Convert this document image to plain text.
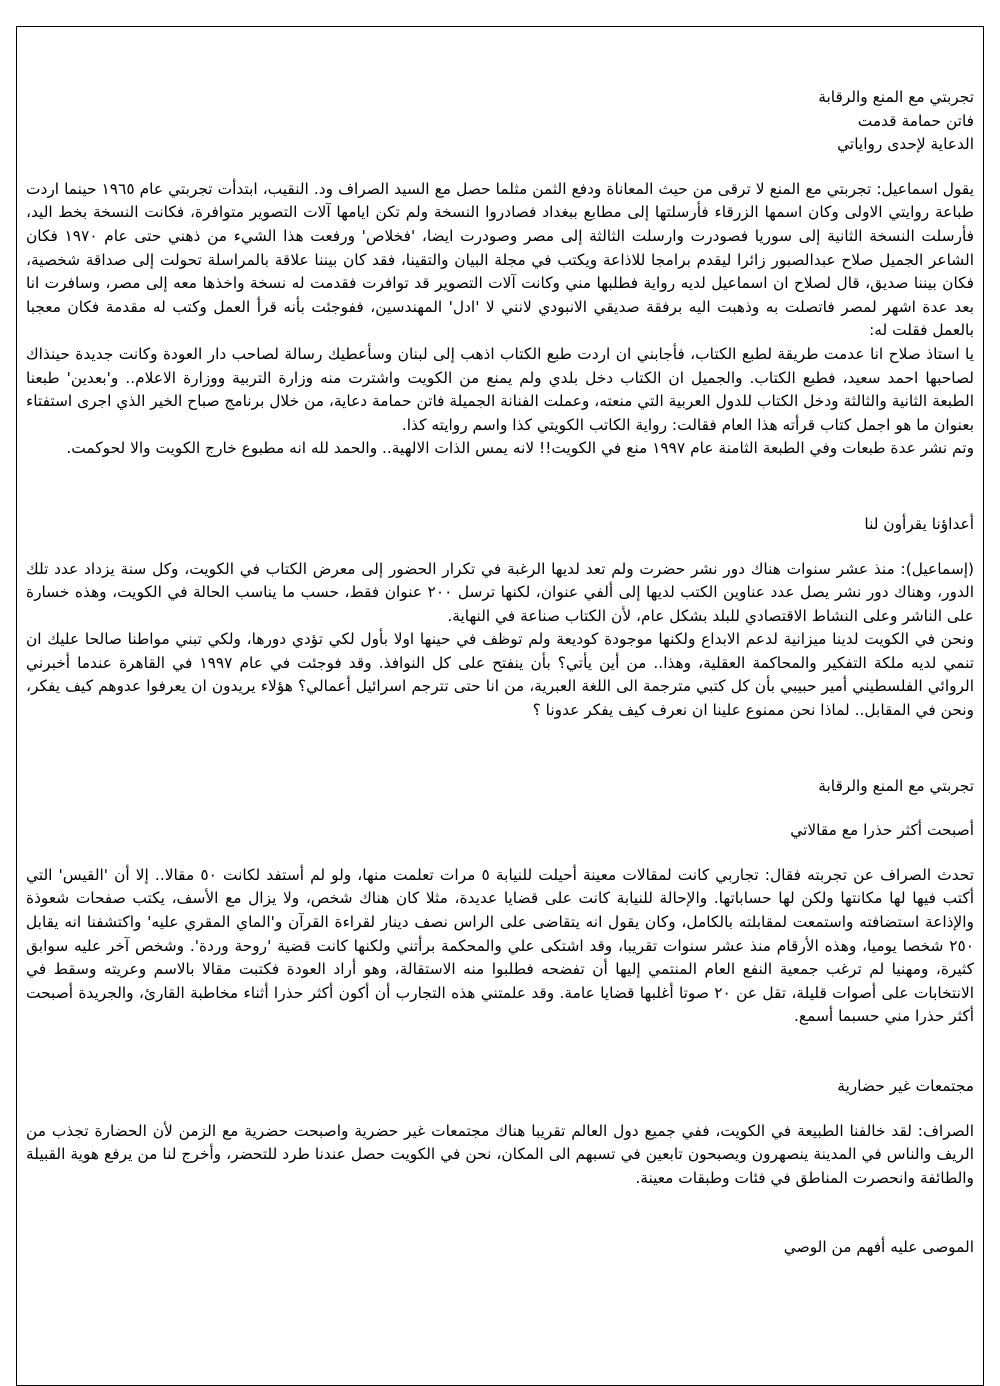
تجربتي مع المنع والرقابة
فاتن حمامة قدمت
الدعاية لإحدى رواياتي

يقول اسماعيل: تجربتي مع المنع لا ترقى من حيث المعاناة ودفع الثمن مثلما حصل مع السيد الصراف ود. النقيب، ابتدأت تجربتي عام ١٩٦٥ حينما اردت طباعة روايتي الاولى وكان اسمها الزرقاء فأرسلتها إلى مطابع ببغداد فصادروا النسخة ولم تكن ايامها آلات التصوير متوافرة، فكانت النسخة بخط اليد، فأرسلت النسخة الثانية إلى سوريا فصودرت وارسلت الثالثة إلى مصر وصودرت ايضا، 'فخلاص' ورفعت هذا الشيء من ذهني حتى عام ١٩٧٠ فكان الشاعر الجميل صلاح عبدالصبور زائرا ليقدم برامجا للاذاعة ويكتب في مجلة البيان والتقينا، فقد كان بيننا علاقة بالمراسلة تحولت إلى صداقة شخصية، فكان بيننا صديق، قال لصلاح ان اسماعيل لديه رواية فطلبها مني وكانت آلات التصوير قد توافرت فقدمت له نسخة واخذها معه إلى مصر، وسافرت انا بعد عدة اشهر لمصر فاتصلت به وذهبت اليه برفقة صديقي الانبودي لانني لا 'ادل' المهندسين، ففوجئت بأنه قرأ العمل وكتب له مقدمة فكان معجبا بالعمل فقلت له:

يا استاذ صلاح انا عدمت طريقة لطبع الكتاب، فأجابني ان اردت طبع الكتاب اذهب إلى لبنان وسأعطيك رسالة لصاحب دار العودة وكانت جديدة حينذاك لصاحبها احمد سعيد، فطبع الكتاب. والجميل ان الكتاب دخل بلدي ولم يمنع من الكويت واشترت منه وزارة التربية ووزارة الاعلام.. و'بعدين' طبعنا الطبعة الثانية والثالثة ودخل الكتاب للدول العربية التي منعته، وعملت الفنانة الجميلة فاتن حمامة دعاية، من خلال برنامج صباح الخير الذي اجرى استفتاء بعنوان ما هو اجمل كتاب قرأته هذا العام فقالت: رواية الكاتب الكويتي كذا واسم روايته كذا.

وتم نشر عدة طبعات وفي الطبعة الثامنة عام ١٩٩٧ منع في الكويت!! لانه يمس الذات الالهية.. والحمد لله انه مطبوع خارج الكويت والا لحوكمت.

أعداؤنا يقرأون لنا

(إسماعيل): منذ عشر سنوات هناك دور نشر حضرت ولم تعد لديها الرغبة في تكرار الحضور إلى معرض الكتاب في الكويت، وكل سنة يزداد عدد تلك الدور، وهناك دور نشر يصل عدد عناوين الكتب لديها إلى ألفي عنوان، لكنها ترسل ٢٠٠ عنوان فقط، حسب ما يناسب الحالة في الكويت، وهذه خسارة على الناشر وعلى النشاط الاقتصادي للبلد بشكل عام، لأن الكتاب صناعة في النهاية.

ونحن في الكويت لدينا ميزانية لدعم الابداع ولكنها موجودة كوديعة ولم توظف في حينها اولا بأول لكي تؤدي دورها، ولكي تبني مواطنا صالحا عليك ان تنمي لديه ملكة التفكير والمحاكمة العقلية، وهذا.. من أين يأتي؟ بأن ينفتح على كل النوافذ. وقد فوجئت في عام ١٩٩٧ في القاهرة عندما أخبرني الروائي الفلسطيني أمير حبيبي بأن كل كتبي مترجمة الى اللغة العبرية، من انا حتى تترجم اسرائيل أعمالي؟ هؤلاء يريدون ان يعرفوا عدوهم كيف يفكر، ونحن في المقابل.. لماذا نحن ممنوع علينا ان نعرف كيف يفكر عدونا ؟

تجربتي مع المنع والرقابة
أصبحت أكثر حذرا مع مقالاتي

تحدث الصراف عن تجربته فقال: تجاربي كانت لمقالات معينة أحيلت للنيابة ٥ مرات تعلمت منها، ولو لم أستفد لكانت ٥٠ مقالا.. إلا أن 'القيس' التي أكتب فيها لها مكانتها ولكن لها حساباتها. والإحالة للنيابة كانت على قضايا عديدة، مثلا كان هناك شخص، ولا يزال مع الأسف، يكتب صفحات شعوذة والإذاعة استضافته واستمعت لمقابلته بالكامل، وكان يقول انه يتقاضى على الراس نصف دينار لقراءة القرآن و'الماي المقري عليه' واكتشفنا انه يقابل ٢٥٠ شخصا يوميا، وهذه الأرقام منذ عشر سنوات تقريبا، وقد اشتكى علي والمحكمة برأتني ولكنها كانت قضية 'روحة وردة'. وشخص آخر عليه سوابق كثيرة، ومهنيا لم ترغب جمعية النفع العام المنتمي إليها أن تفضحه فطلبوا منه الاستقالة، وهو أراد العودة فكتبت مقالا بالاسم وعريته وسقط في الانتخابات على أصوات قليلة، تقل عن ٢٠ صوتا أغلبها قضايا عامة. وقد علمتني هذه التجارب أن أكون أكثر حذرا أثناء مخاطبة القارئ، والجريدة أصبحت أكثر حذرا مني حسبما أسمع.

مجتمعات غير حضارية

الصراف: لقد خالفنا الطبيعة في الكويت، ففي جميع دول العالم تقريبا هناك مجتمعات غير حضرية واصبحت حضرية مع الزمن لأن الحضارة تجذب من الريف والناس في المدينة ينصهرون ويصبحون تابعين في تسبهم الى المكان، نحن في الكويت حصل عندنا طرد للتحضر، وأخرج لنا من يرفع هوية القبيلة والطائفة وانحصرت المناطق في فئات وطبقات معينة.

الموصى عليه أفهم من الوصي
